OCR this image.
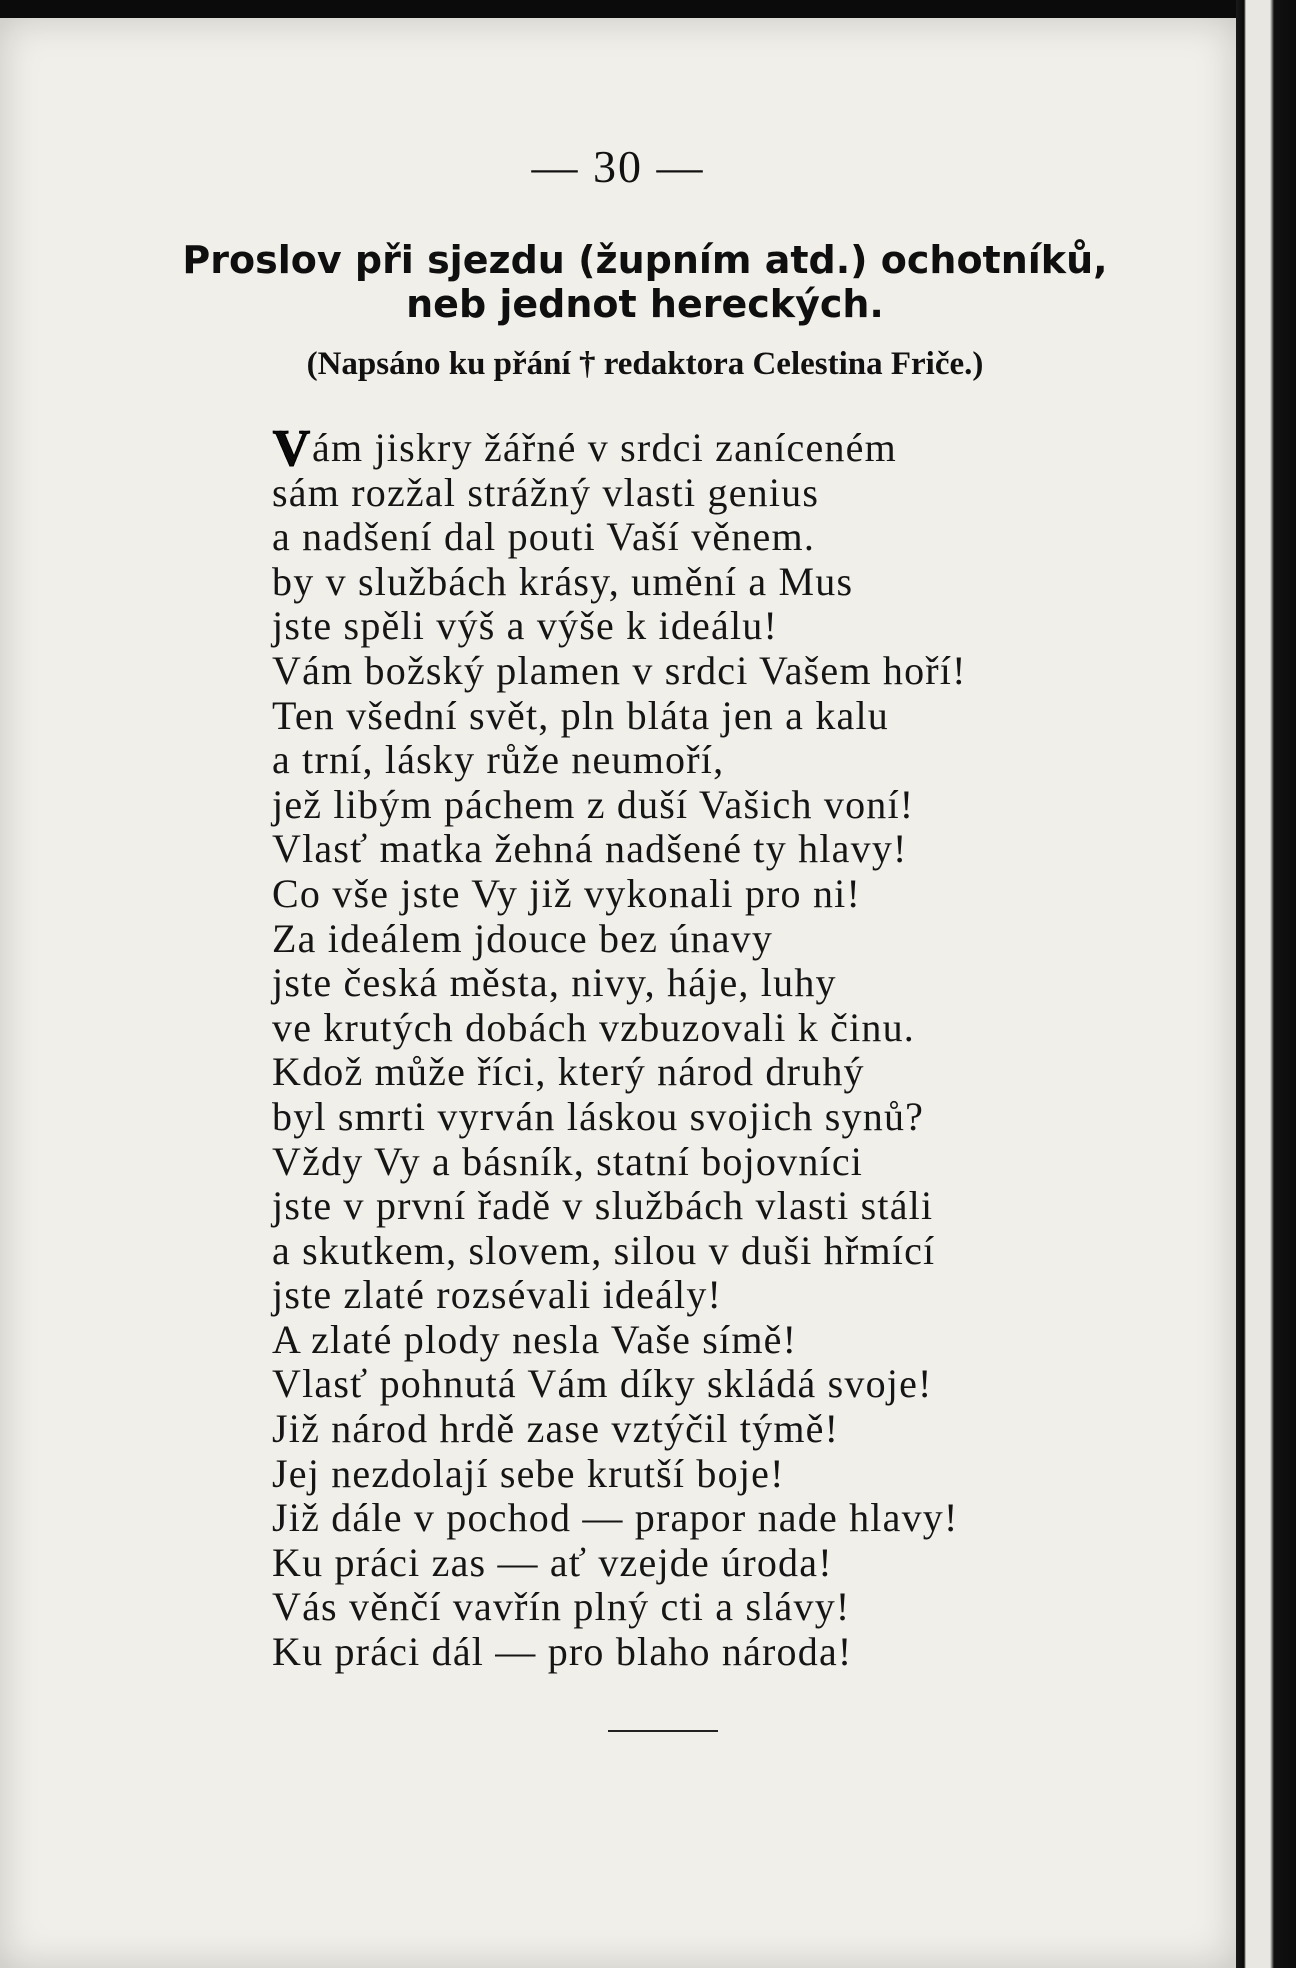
— 30 —
Proslov při sjezdu (župním atd.) ochotníků,
neb jednot hereckých.
(Napsáno ku přání † redaktora Celestina Friče.)
Vám jiskry žářné v srdci zaníceném
sám rozžal strážný vlasti genius
a nadšení dal pouti Vaší věnem.
by v službách krásy, umění a Mus
jste spěli výš a výše k ideálu!
Vám božský plamen v srdci Vašem hoří!
Ten všední svět, pln bláta jen a kalu
a trní, lásky růže neumoří,
jež libým páchem z duší Vašich voní!
Vlasť matka žehná nadšené ty hlavy!
Co vše jste Vy již vykonali pro ni!
Za ideálem jdouce bez únavy
jste česká města, nivy, háje, luhy
ve krutých dobách vzbuzovali k činu.
Kdož může říci, který národ druhý
byl smrti vyrván láskou svojich synů?
Vždy Vy a básník, statní bojovníci
jste v první řadě v službách vlasti stáli
a skutkem, slovem, silou v duši hřmící
jste zlaté rozsévali ideály!
A zlaté plody nesla Vaše símě!
Vlasť pohnutá Vám díky skládá svoje!
Již národ hrdě zase vztýčil týmě!
Jej nezdolají sebe krutší boje!
Již dále v pochod — prapor nade hlavy!
Ku práci zas — ať vzejde úroda!
Vás věnčí vavřín plný cti a slávy!
Ku práci dál — pro blaho národa!
